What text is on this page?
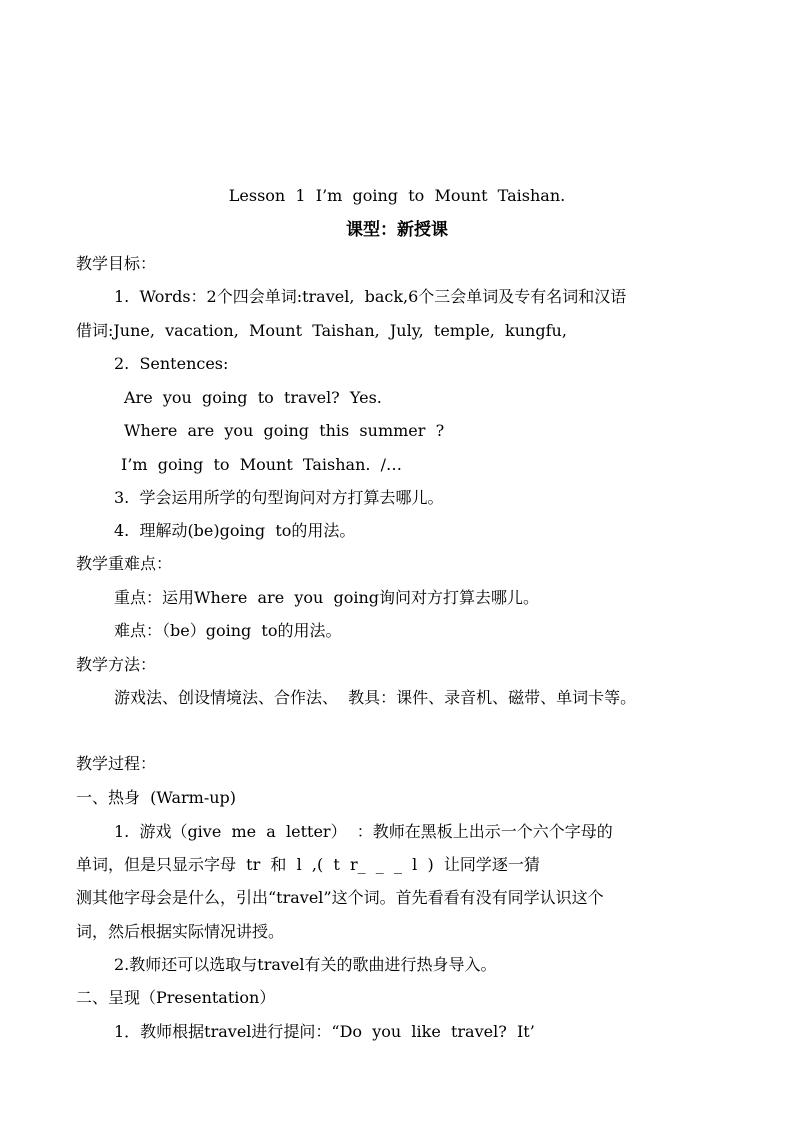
Lesson  1  I’m  going  to  Mount  Taishan.
课型：新授课
教学目标：
1.  Words：2个四会单词:travel,  back,6个三会单词及专有名词和汉语
借词:June,  vacation,  Mount  Taishan,  July,  temple,  kungfu,
2.  Sentences:
Are  you  going  to  travel?  Yes.
Where  are  you  going  this  summer  ?
I’m  going  to  Mount  Taishan.  /…
3.  学会运用所学的句型询问对方打算去哪儿。
4.  理解动(be)going  to的用法。
教学重难点：
重点：运用Where  are  you  going询问对方打算去哪儿。
难点：（be）going  to的用法。
教学方法：
游戏法、创设情境法、合作法、  教具：课件、录音机、磁带、单词卡等。
教学过程：
一、热身  (Warm-up)
1.  游戏（give  me  a  letter）  ：教师在黑板上出示一个六个字母的
单词，但是只显示字母  tr  和  l  ,(  t  r_  _  _  l  )  让同学逐一猜
测其他字母会是什么，引出“travel”这个词。首先看看有没有同学认识这个
词，然后根据实际情况讲授。
2.教师还可以选取与travel有关的歌曲进行热身导入。
二、呈现（Presentation）
1．教师根据travel进行提问：“Do  you  like  travel?  It’
